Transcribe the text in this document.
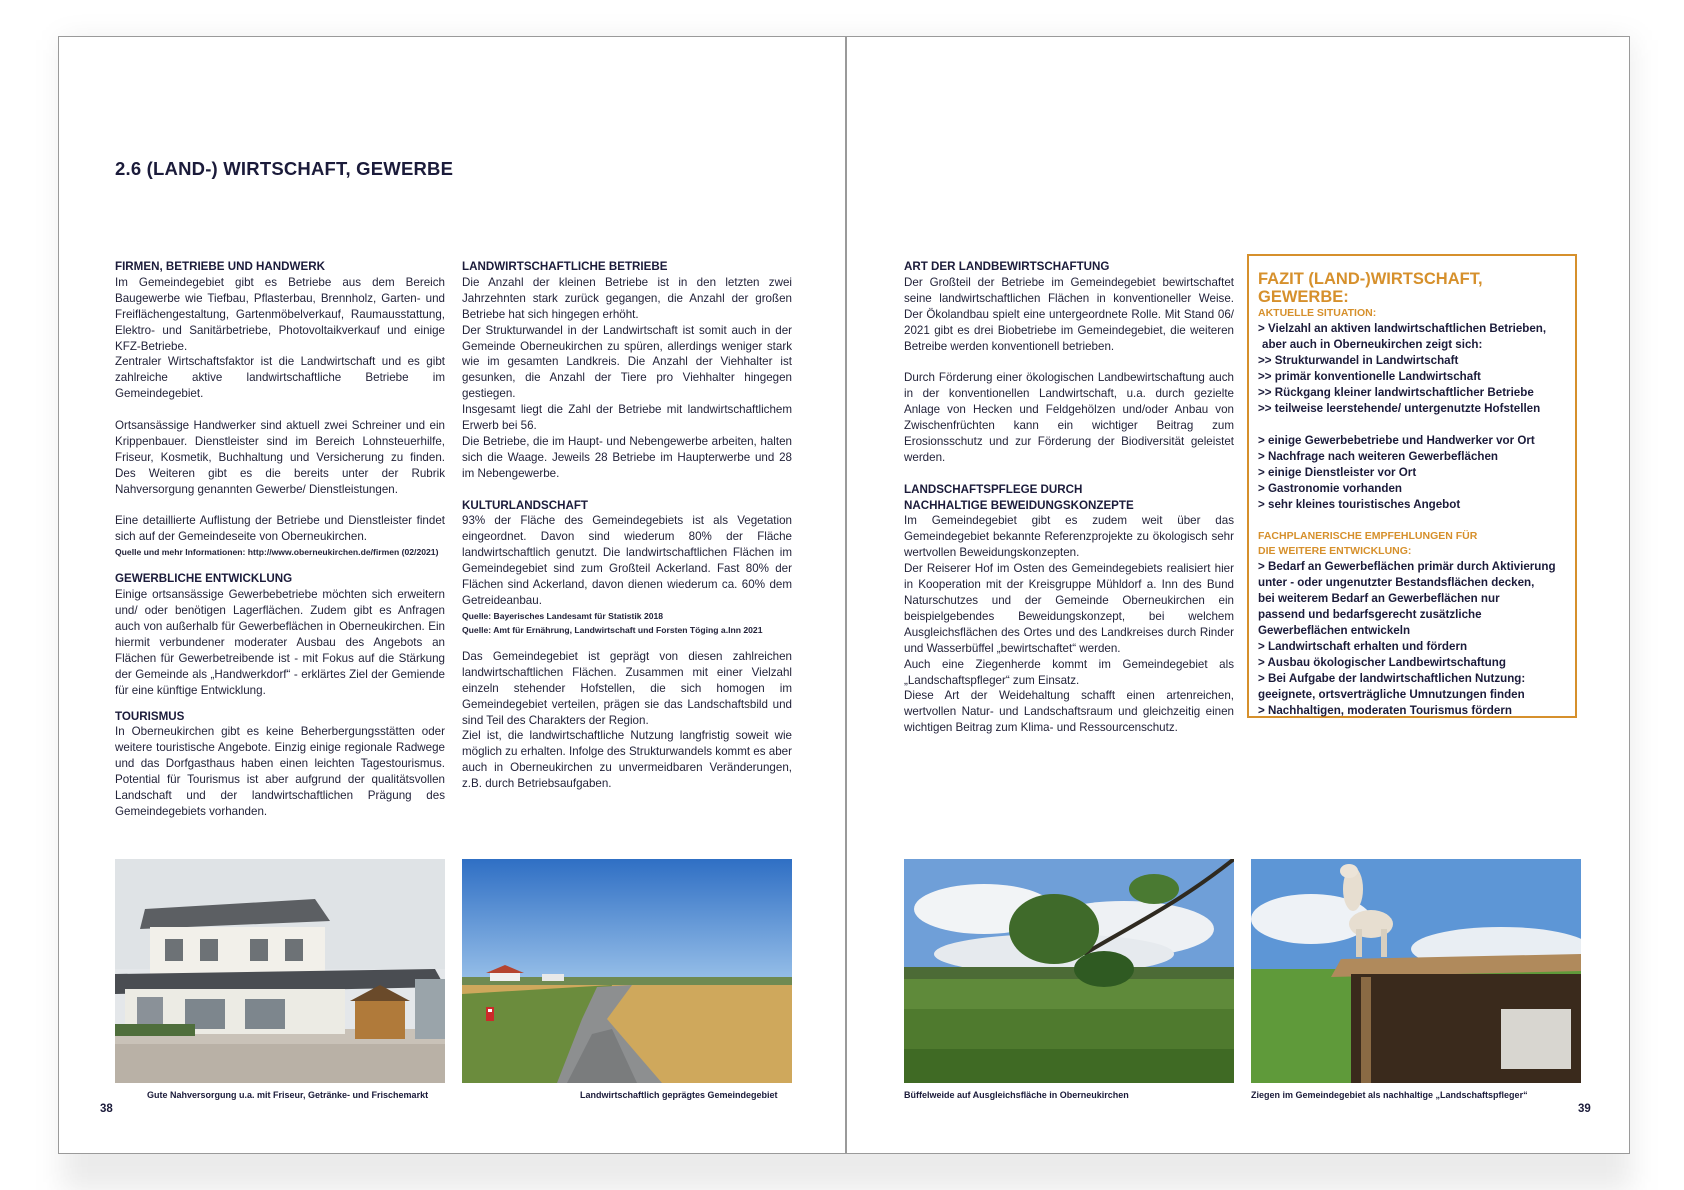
2.6 (LAND-) WIRTSCHAFT, GEWERBE
FIRMEN, BETRIEBE UND HANDWERK

Im Gemeindegebiet gibt es Betriebe aus dem Bereich Baugewerbe wie Tiefbau, Pflasterbau, Brennholz, Garten- und Freiflächengestaltung, Gartenmöbelverkauf, Raumausstattung, Elektro- und Sanitärbetriebe, Photovoltaikverkauf und einige KFZ-Betriebe.

Zentraler Wirtschaftsfaktor ist die Landwirtschaft und es gibt zahlreiche aktive landwirtschaftliche Betriebe im Gemeindegebiet.

Ortsansässige Handwerker sind aktuell zwei Schreiner und ein Krippenbauer. Dienstleister sind im Bereich Lohnsteuerhilfe, Friseur, Kosmetik, Buchhaltung und Versicherung zu finden. Des Weiteren gibt es die bereits unter der Rubrik Nahversorgung genannten Gewerbe/ Dienstleistungen.

Eine detaillierte Auflistung der Betriebe und Dienstleister findet sich auf der Gemeindeseite von Oberneukirchen.

Quelle und mehr Informationen: http://www.oberneukirchen.de/firmen (02/2021)

GEWERBLICHE ENTWICKLUNG

Einige ortsansässige Gewerbebetriebe möchten sich erweitern und/ oder benötigen Lagerflächen. Zudem gibt es Anfragen auch von außerhalb für Gewerbeflächen in Oberneukirchen. Ein hiermit verbundener moderater Ausbau des Angebots an Flächen für Gewerbetreibende ist - mit Fokus auf die Stärkung der Gemeinde als „Handwerkdorf“ - erklärtes Ziel der Gemiende für eine künftige Entwicklung.

TOURISMUS

In Oberneukirchen gibt es keine Beherbergungsstätten oder weitere touristische Angebote. Einzig einige regionale Radwege und das Dorfgasthaus haben einen leichten Tagestourismus. Potential für Tourismus ist aber aufgrund der qualitätsvollen Landschaft und der landwirtschaftlichen Prägung des Gemeindegebiets vorhanden.

LANDWIRTSCHAFTLICHE BETRIEBE

Die Anzahl der kleinen Betriebe ist in den letzten zwei Jahrzehnten stark zurück gegangen, die Anzahl der großen Betriebe hat sich hingegen erhöht.

Der Strukturwandel in der Landwirtschaft ist somit auch in der Gemeinde Oberneukirchen zu spüren, allerdings weniger stark wie im gesamten Landkreis. Die Anzahl der Viehhalter ist gesunken, die Anzahl der Tiere pro Viehhalter hingegen gestiegen.

Insgesamt liegt die Zahl der Betriebe mit landwirtschaftlichem Erwerb bei 56.

Die Betriebe, die im Haupt- und Nebengewerbe arbeiten, halten sich die Waage. Jeweils 28 Betriebe im Haupterwerbe und 28 im Nebengewerbe.

KULTURLANDSCHAFT

93% der Fläche des Gemeindegebiets ist als Vegetation eingeordnet. Davon sind wiederum 80% der Fläche landwirtschaftlich genutzt. Die landwirtschaftlichen Flächen im Gemeindegebiet sind zum Großteil Ackerland. Fast 80% der Flächen sind Ackerland, davon dienen wiederum ca. 60% dem Getreideanbau.

Quelle: Bayerisches Landesamt für Statistik 2018

Quelle: Amt für Ernährung, Landwirtschaft und Forsten Töging a.Inn 2021

Das Gemeindegebiet ist geprägt von diesen zahlreichen landwirtschaftlichen Flächen. Zusammen mit einer Vielzahl einzeln stehender Hofstellen, die sich homogen im Gemeindegebiet verteilen, prägen sie das Landschaftsbild und sind Teil des Charakters der Region.

Ziel ist, die landwirtschaftliche Nutzung langfristig soweit wie möglich zu erhalten. Infolge des Strukturwandels kommt es aber auch in Oberneukirchen zu unvermeidbaren Veränderungen, z.B. durch Betriebsaufgaben.

Gute Nahversorgung u.a. mit Friseur, Getränke- und Frischemarkt	Landwirtschaftlich geprägtes Gemeindegebiet
38
ART DER LANDBEWIRTSCHAFTUNG

Der Großteil der Betriebe im Gemeindegebiet bewirtschaftet seine landwirtschaftlichen Flächen in konventioneller Weise. Der Ökolandbau spielt eine untergeordnete Rolle. Mit Stand 06/ 2021 gibt es drei Biobetriebe im Gemeindegebiet, die weiteren Betreibe werden konventionell betrieben.

Durch Förderung einer ökologischen Landbewirtschaftung auch in der konventionellen Landwirtschaft, u.a. durch gezielte Anlage von Hecken und Feldgehölzen und/oder Anbau von Zwischenfrüchten kann ein wichtiger Beitrag zum Erosionsschutz und zur Förderung der Biodiversität geleistet werden.

LANDSCHAFTSPFLEGE DURCH
NACHHALTIGE BEWEIDUNGSKONZEPTE

Im Gemeindegebiet gibt es zudem weit über das Gemeindegebiet bekannte Referenzprojekte zu ökologisch sehr wertvollen Beweidungskonzepten.

Der Reiserer Hof im Osten des Gemeindegebiets realisiert hier in Kooperation mit der Kreisgruppe Mühldorf a. Inn des Bund Naturschutzes und der Gemeinde Oberneukirchen ein beispielgebendes Beweidungskonzept, bei welchem Ausgleichsflächen des Ortes und des Landkreises durch Rinder und Wasserbüffel „bewirtschaftet“ werden.

Auch eine Ziegenherde kommt im Gemeindegebiet als „Landschaftspfleger“ zum Einsatz.

Diese Art der Weidehaltung schafft einen artenreichen, wertvollen Natur- und Landschaftsraum und gleichzeitig einen wichtigen Beitrag zum Klima- und Ressourcenschutz.

FAZIT (LAND-)WIRTSCHAFT, GEWERBE:
AKTUELLE SITUATION:
> Vielzahl an aktiven landwirtschaftlichen Betrieben,
aber auch in Oberneukirchen zeigt sich:
>> Strukturwandel in Landwirtschaft
>> primär konventionelle Landwirtschaft
>> Rückgang kleiner landwirtschaftlicher Betriebe
>> teilweise leerstehende/ untergenutzte Hofstellen
> einige Gewerbebetriebe und Handwerker vor Ort
> Nachfrage nach weiteren Gewerbeflächen
> einige Dienstleister vor Ort
> Gastronomie vorhanden
> sehr kleines touristisches Angebot
FACHPLANERISCHE EMPFEHLUNGEN FÜR
DIE WEITERE ENTWICKLUNG:
> Bedarf an Gewerbeflächen primär durch Aktivierung
unter - oder ungenutzter Bestandsflächen decken,
bei weiterem Bedarf an Gewerbeflächen nur
passend und bedarfsgerecht zusätzliche
Gewerbeflächen entwickeln
> Landwirtschaft erhalten und fördern
> Ausbau ökologischer Landbewirtschaftung
> Bei Aufgabe der landwirtschaftlichen Nutzung:
geeignete, ortsverträgliche Umnutzungen finden
> Nachhaltigen, moderaten Tourismus fördern
Büffelweide auf Ausgleichsfläche in Oberneukirchen	Ziegen im Gemeindegebiet als nachhaltige „Landschaftspfleger“
39
